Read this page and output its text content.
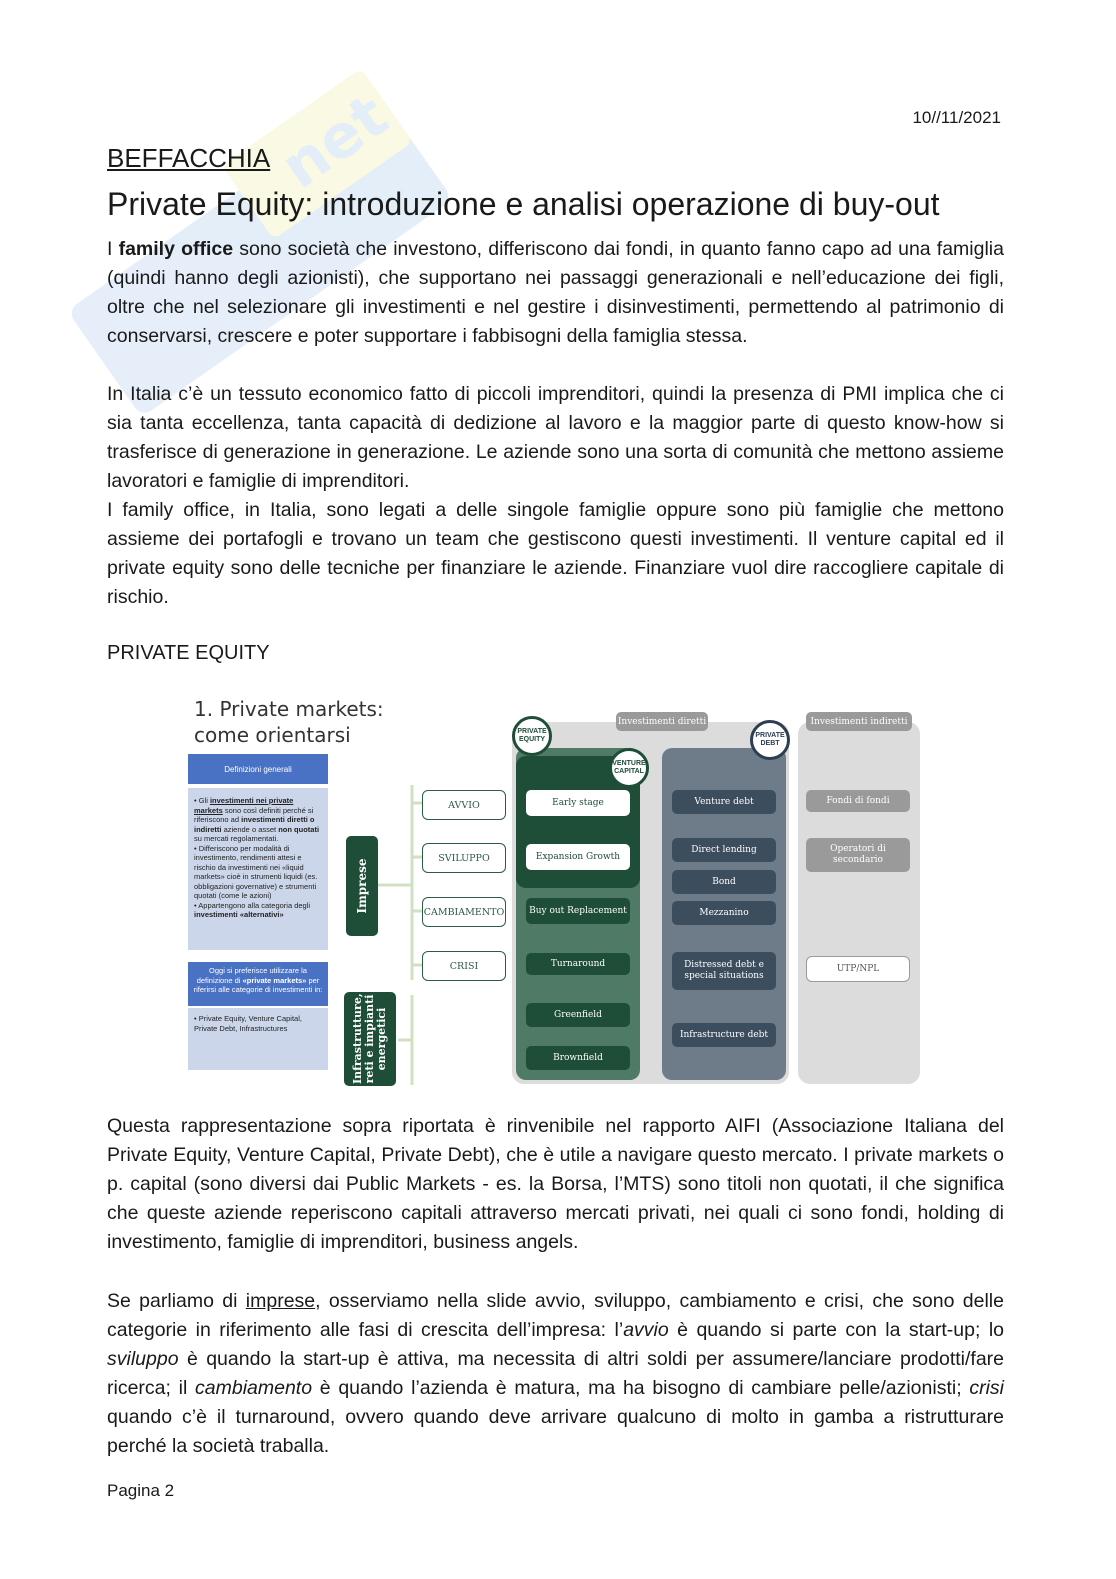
net	10//11/2021
BEFFACCHIA
Private Equity: introduzione e analisi operazione di buy-out

I family office sono società che investono, differiscono dai fondi, in quanto fanno capo ad una famiglia (quindi hanno degli azionisti), che supportano nei passaggi generazionali e nell’educazione dei figli, oltre che nel selezionare gli investimenti e nel gestire i disinvestimenti, permettendo al patrimonio di conservarsi, crescere e poter supportare i fabbisogni della famiglia stessa.

In Italia c’è un tessuto economico fatto di piccoli imprenditori, quindi la presenza di PMI implica che ci sia tanta eccellenza, tanta capacità di dedizione al lavoro e la maggior parte di questo know-how si trasferisce di generazione in generazione. Le aziende sono una sorta di comunità che mettono assieme lavoratori e famiglie di imprenditori.

I family office, in Italia, sono legati a delle singole famiglie oppure sono più famiglie che mettono assieme dei portafogli e trovano un team che gestiscono questi investimenti. Il venture capital ed il private equity sono delle tecniche per finanziare le aziende. Finanziare vuol dire raccogliere capitale di rischio.

PRIVATE EQUITY
1. Private markets:
come orientarsi
Definizioni generali
• Gli investimenti nei private markets sono così definiti perché si riferiscono ad investimenti diretti o indiretti aziende o asset non quotati su mercati regolamentati.
• Differiscono per modalità di investimento, rendimenti attesi e rischio da investimenti nei «liquid markets» cioè in strumenti liquidi (es. obbligazioni governative) e strumenti quotati (come le azioni)
• Appartengono alla categoria degli investimenti «alternativi»
Oggi si preferisce utilizzare la definizione di «private markets» per riferirsi alle categorie di investimenti in:
• Private Equity, Venture Capital, Private Debt, Infrastructures
Imprese
Infrastrutture, reti e impianti energetici
AVVIO
SVILUPPO
CAMBIAMENTO
CRISI
Investimenti diretti	Investimenti indiretti
Early stage
Expansion Growth
Buy out Replacement
Turnaround
Greenfield
Brownfield
Venture debt
Direct lending
Bond
Mezzanino
Distressed debt e special situations
Infrastructure debt
Fondi di fondi
Operatori di secondario
UTP/NPL
PRIVATE EQUITY
VENTURE CAPITAL
PRIVATE DEBT

Questa rappresentazione sopra riportata è rinvenibile nel rapporto AIFI (Associazione Italiana del Private Equity, Venture Capital, Private Debt), che è utile a navigare questo mercato. I private markets o p. capital (sono diversi dai Public Markets - es. la Borsa, l’MTS) sono titoli non quotati, il che significa che queste aziende reperiscono capitali attraverso mercati privati, nei quali ci sono fondi, holding di investimento, famiglie di imprenditori, business angels.

Se parliamo di imprese, osserviamo nella slide avvio, sviluppo, cambiamento e crisi, che sono delle categorie in riferimento alle fasi di crescita dell’impresa: l’avvio è quando si parte con la start-up; lo sviluppo è quando la start-up è attiva, ma necessita di altri soldi per assumere/lanciare prodotti/fare ricerca; il cambiamento è quando l’azienda è matura, ma ha bisogno di cambiare pelle/azionisti; crisi quando c’è il turnaround, ovvero quando deve arrivare qualcuno di molto in gamba a ristrutturare perché la società traballa.

Pagina 2
